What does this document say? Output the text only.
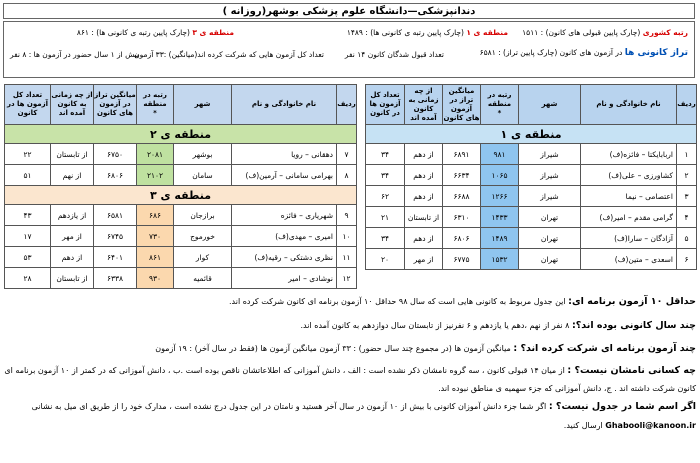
دندانپزشکی—دانشگاه علوم پزشکی بوشهر(روزانه )
رتبه کشوری (چارک پایین قبولی های کانون) : ۱۵۱۱
منطقه ی ۱ (چارک پایین رتبه ی کانونی ها) : ۱۴۸۹
منطقه ی ۳ (چارک پایین رتبه ی کانونی ها) : ۸۶۱
تراز کانونی ها در آزمون های کانون (چارک پایین تراز) : ۶۵۸۱
تعداد قبول شدگان کانون ۱۴ نفر
تعداد کل آزمون هایی که شرکت کرده اند(میانگین) :۳۳ آزمون
بیش از ۱ سال حضور در آزمون ها : ۸ نفر
ردیف	نام خانوادگی و نام	شهر	رتبه در منطقه
*	میانگین تراز در آزمون های کانون	از چه زمانی به کانون آمده اند	تعداد کل آزمون ها در کانون
منطقه ی ۱						
۱	اربابایکتا – فائزه(ف)	شیراز	۹۸۱	۶۸۹۱	از دهم	۳۴
۲	کشاورزی – علی(ف)	شیراز	۱۰۶۵	۶۶۳۴	از دهم	۳۴
۳	اعتصامی – نیما	شیراز	۱۲۶۶	۶۶۸۸	از دهم	۶۲
۴	گرامی مقدم – امیر(ف)	تهران	۱۴۳۳	۶۳۱۰	از تابستان	۲۱
۵	آزادگان – سارا(ف)	تهران	۱۴۸۹	۶۸۰۶	از دهم	۳۴
۶	اسعدی – متین(ف)	تهران	۱۵۳۲	۶۷۷۵	از مهر	۲۰
ردیف	نام خانوادگی و نام	شهر	رتبه در منطقه
*	میانگین تراز در آزمون های کانون	از چه زمانی به کانون آمده اند	تعداد کل آزمون ها در کانون
منطقه ی ۲						
۷	دهقانی – رویا	بوشهر	۲۰۸۱	۶۷۵۰	از تابستان	۲۲
۸	بهرامی سامانی – آرمین(ف)	سامان	۲۱۰۲	۶۸۰۶	از نهم	۵۱
منطقه ی ۳						
۹	شهریاری – فائزه	برازجان	۶۸۶	۶۵۸۱	از یازدهم	۴۳
۱۰	امیری – مهدی(ف)	خورموج	۷۳۰	۶۷۴۵	از مهر	۱۷
۱۱	نظری دشتکی – رقیه(ف)	کوار	۸۶۱	۶۴۰۱	از دهم	۵۳
۱۲	نوشادی – امیر	قائمیه	۹۳۰	۶۳۳۸	از تابستان	۲۸
حداقل ۱۰ آزمون برنامه ای: این جدول مربوط به کانونی هایی است که سال ۹۸ حداقل ۱۰ آزمون برنامه ای کانون شرکت کرده اند.
چند سال کانونی بوده اند؟: ۸ نفر از نهم ،دهم یا یازدهم و ۶ نفرنیز از تابستان سال دوازدهم به کانون آمده اند.
چند آزمون برنامه ای شرکت کرده اند؟ : میانگین آزمون ها (در مجموع چند سال حضور) : ۳۳ آزمون میانگین آزمون ها (فقط در سال آخر) : ۱۹ آزمون
چه کسانی نامشان نیست؟ : از میان ۱۴ قبولی کانون ، سه گروه نامشان ذکر نشده است : الف ، دانش آموزانی که اطلاعاتشان ناقص بوده است .ب ، دانش آموزانی که در کمتر از ۱۰ آزمون برنامه ای
کانون شرکت داشته اند . ج، دانش آموزانی که جزء سهمیه ی مناطق نبوده اند.
اگر اسم شما در جدول نیست؟ : اگر شما جزء دانش آموزان کانونی با بیش از ۱۰ آزمون در سال آخر هستید و نامتان در این جدول درج نشده است ، مدارک خود را از طریق ای میل به نشانی
Ghabooli@kanoon.ir ارسال کنید.
